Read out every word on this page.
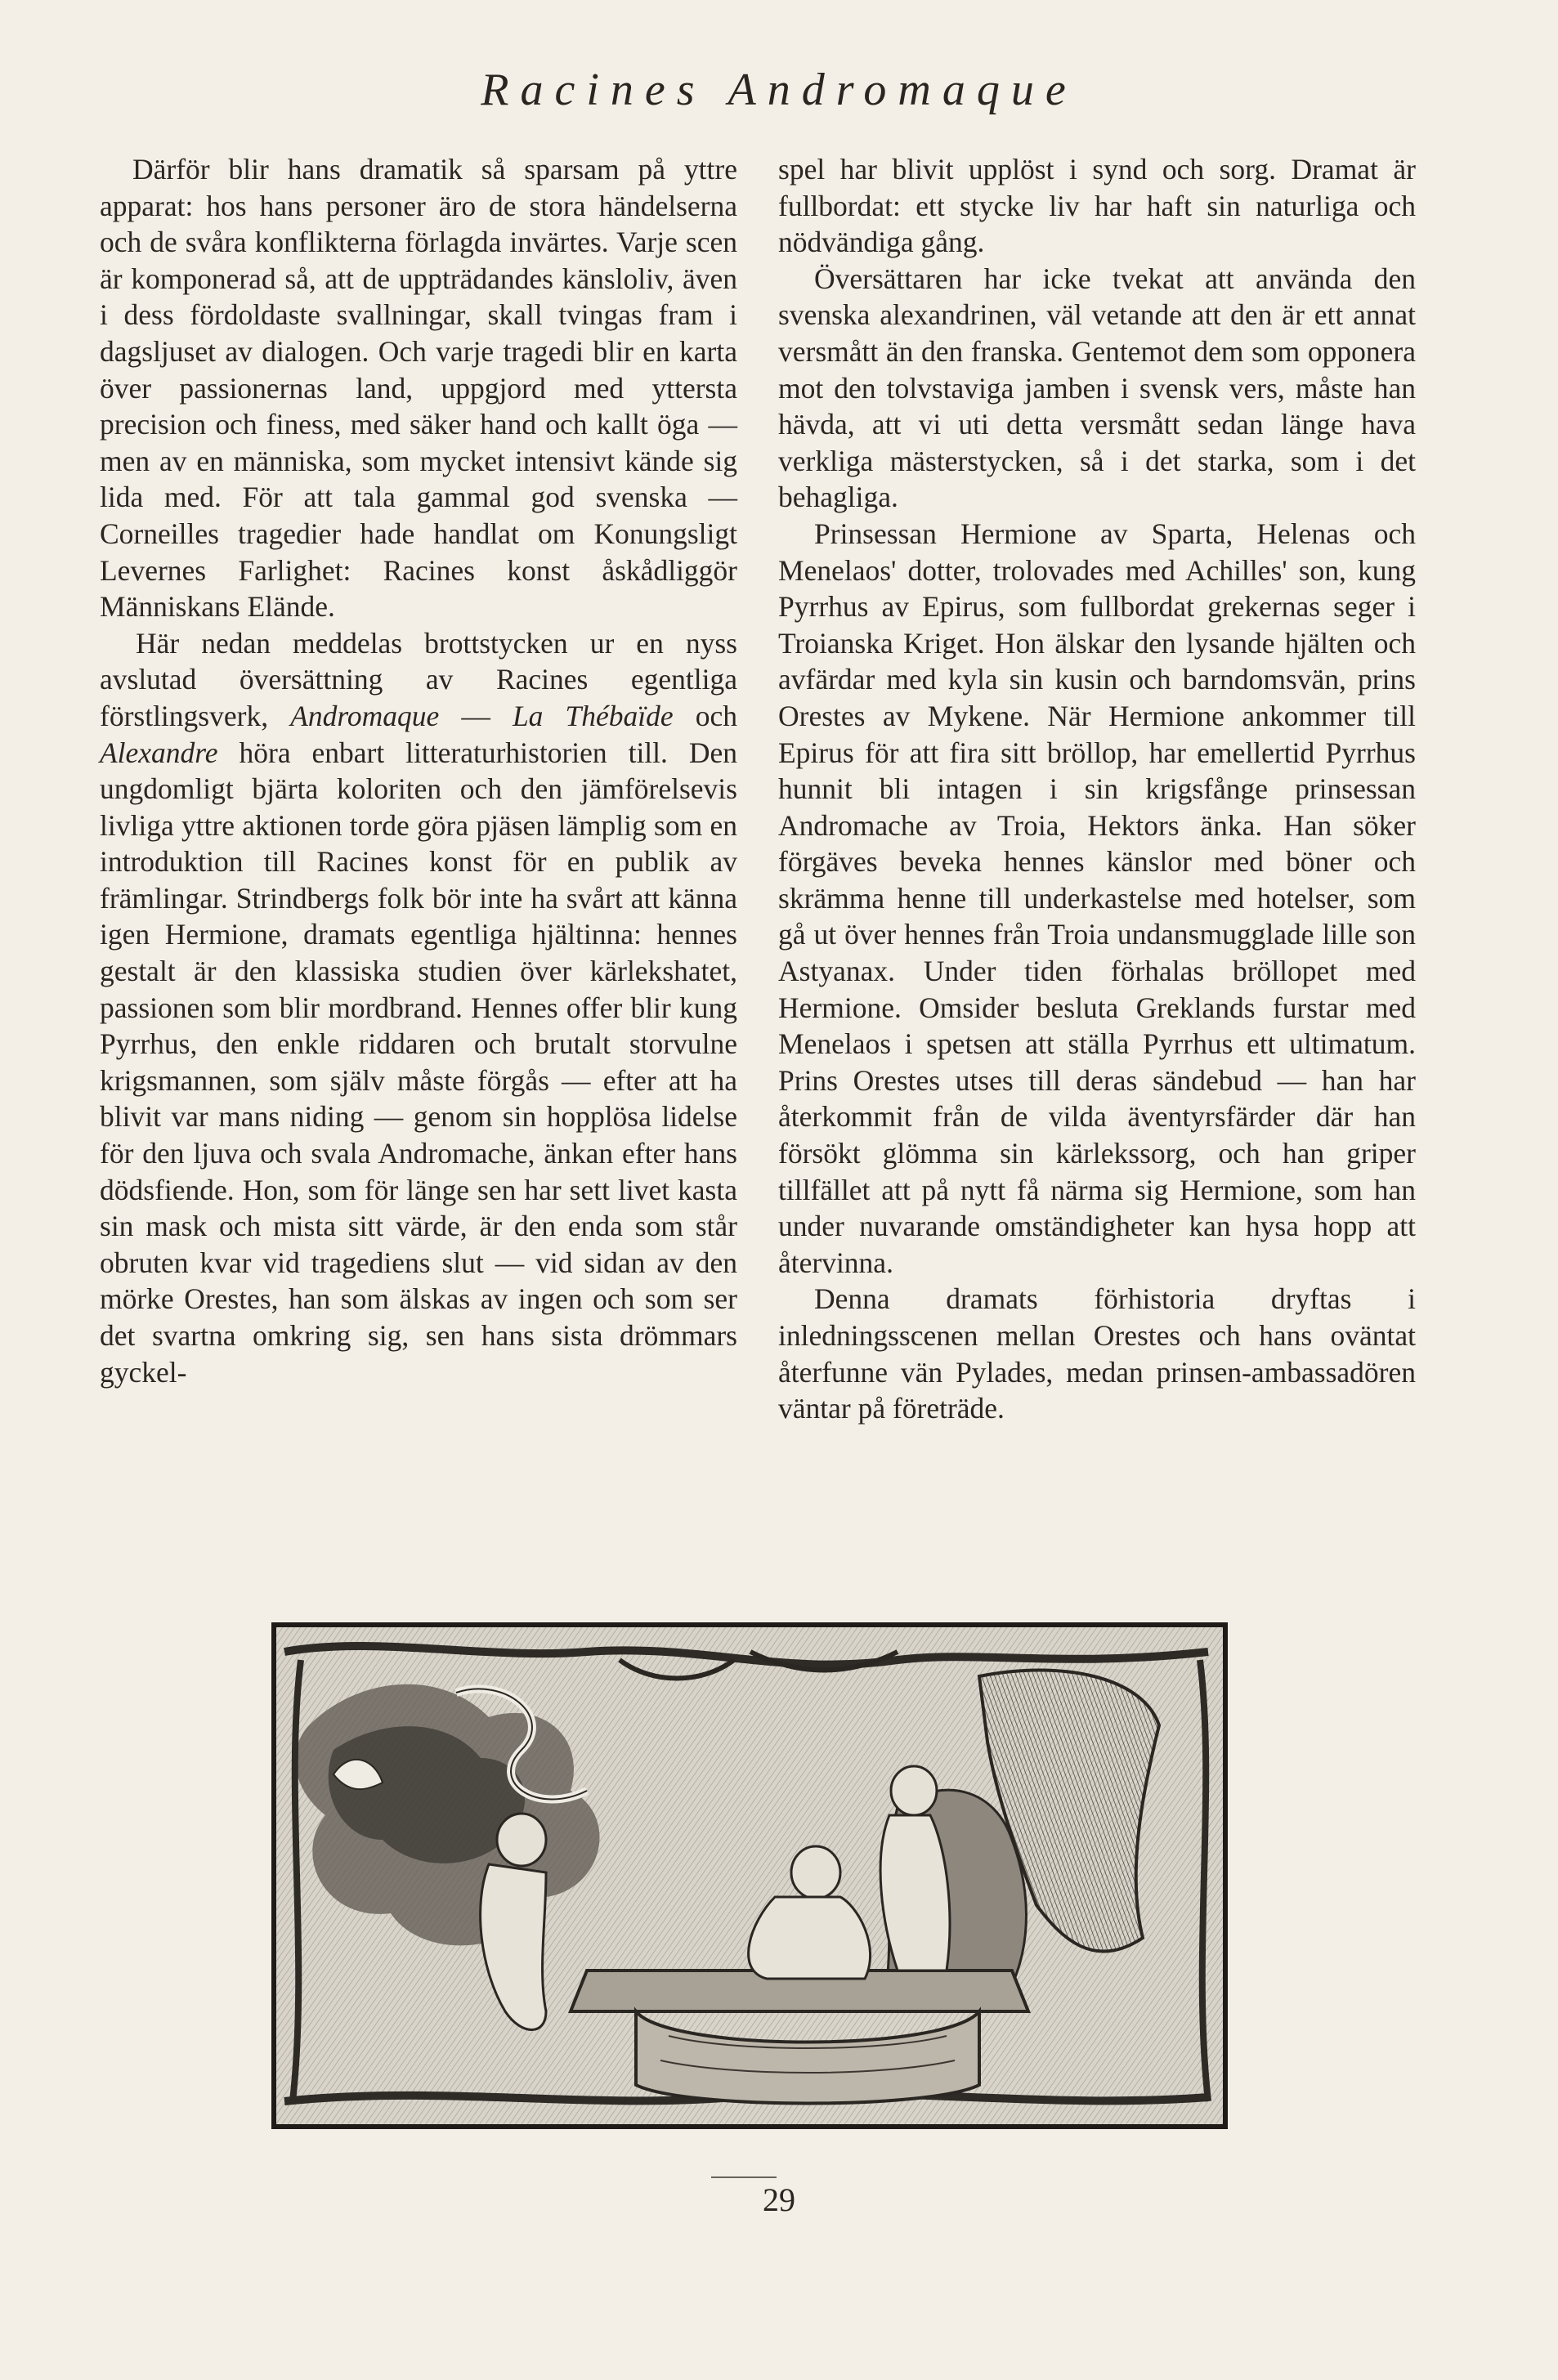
Racines Andromaque

Därför blir hans dramatik så sparsam på yttre apparat: hos hans personer äro de stora händelserna och de svåra konflikterna förlagda invärtes. Varje scen är komponerad så, att de uppträdandes känsloliv, även i dess fördoldaste svallningar, skall tvingas fram i dagsljuset av dialogen. Och varje tragedi blir en karta över passionernas land, uppgjord med yttersta precision och finess, med säker hand och kallt öga — men av en människa, som mycket intensivt kände sig lida med. För att tala gammal god svenska — Corneilles tragedier hade handlat om Konungsligt Levernes Farlighet: Racines konst åskådliggör Människans Elände.

Här nedan meddelas brottstycken ur en nyss avslutad översättning av Racines egentliga förstlingsverk, Andromaque — La Thébaïde och Alexandre höra enbart litteraturhistorien till. Den ungdomligt bjärta koloriten och den jämförelsevis livliga yttre aktionen torde göra pjäsen lämplig som en introduktion till Racines konst för en publik av främlingar. Strindbergs folk bör inte ha svårt att känna igen Hermione, dramats egentliga hjältinna: hennes gestalt är den klassiska studien över kärlekshatet, passionen som blir mordbrand. Hennes offer blir kung Pyrrhus, den enkle riddaren och brutalt storvulne krigsmannen, som själv måste förgås — efter att ha blivit var mans niding — genom sin hopplösa lidelse för den ljuva och svala Andromache, änkan efter hans dödsfiende. Hon, som för länge sen har sett livet kasta sin mask och mista sitt värde, är den enda som står obruten kvar vid tragediens slut — vid sidan av den mörke Orestes, han som älskas av ingen och som ser det svartna omkring sig, sen hans sista drömmars gyckel-

spel har blivit upplöst i synd och sorg. Dramat är fullbordat: ett stycke liv har haft sin naturliga och nödvändiga gång.

Översättaren har icke tvekat att använda den svenska alexandrinen, väl vetande att den är ett annat versmått än den franska. Gentemot dem som opponera mot den tolvstaviga jamben i svensk vers, måste han hävda, att vi uti detta versmått sedan länge hava verkliga mästerstycken, så i det starka, som i det behagliga.

Prinsessan Hermione av Sparta, Helenas och Menelaos' dotter, trolovades med Achilles' son, kung Pyrrhus av Epirus, som fullbordat grekernas seger i Troianska Kriget. Hon älskar den lysande hjälten och avfärdar med kyla sin kusin och barndomsvän, prins Orestes av Mykene. När Hermione ankommer till Epirus för att fira sitt bröllop, har emellertid Pyrrhus hunnit bli intagen i sin krigsfånge prinsessan Andromache av Troia, Hektors änka. Han söker förgäves beveka hennes känslor med böner och skrämma henne till underkastelse med hotelser, som gå ut över hennes från Troia undansmugglade lille son Astyanax. Under tiden förhalas bröllopet med Hermione. Omsider besluta Greklands furstar med Menelaos i spetsen att ställa Pyrrhus ett ultimatum. Prins Orestes utses till deras sändebud — han har återkommit från de vilda äventyrsfärder där han försökt glömma sin kärlekssorg, och han griper tillfället att på nytt få närma sig Hermione, som han under nuvarande omständigheter kan hysa hopp att återvinna.

Denna dramats förhistoria dryftas i inledningsscenen mellan Orestes och hans oväntat återfunne vän Pylades, medan prinsen-ambassadören väntar på företräde.

29
